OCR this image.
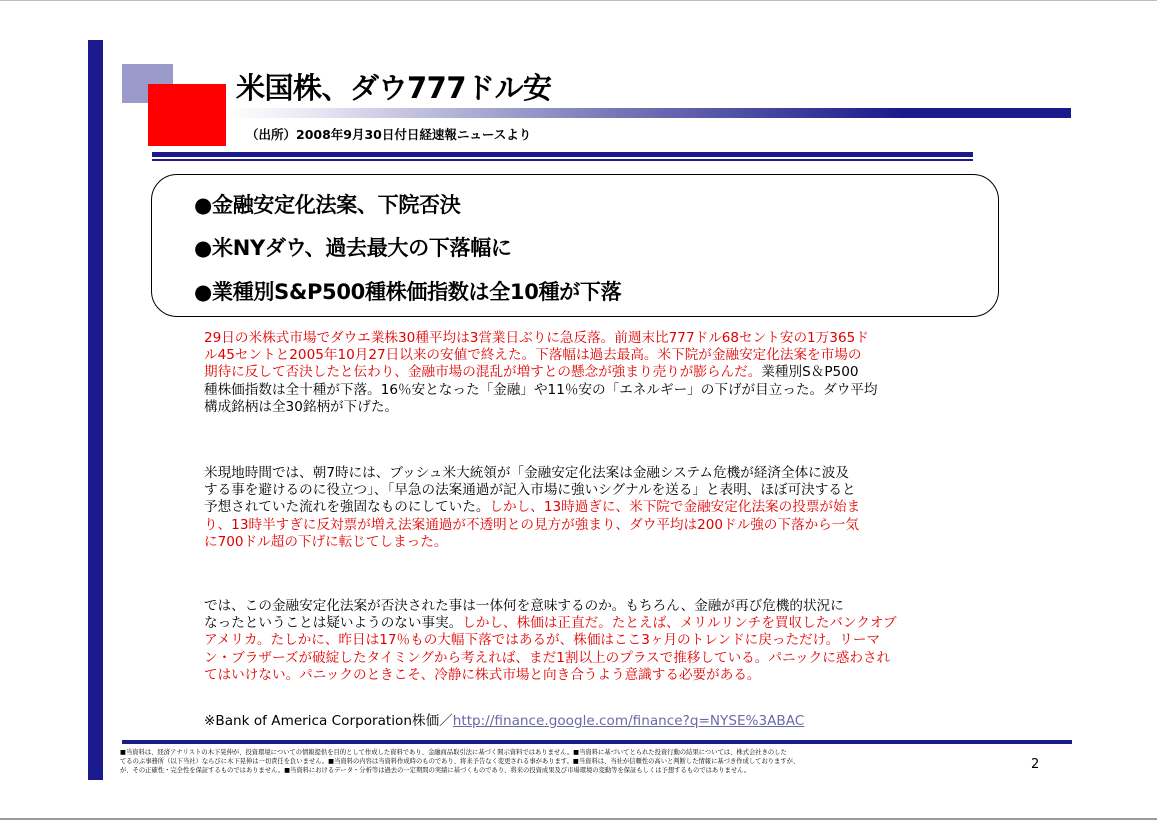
米国株、ダウ777ドル安
（出所）2008年9月30日付日経速報ニュースより
●金融安定化法案、下院否決
●米NYダウ、過去最大の下落幅に
●業種別S&P500種株価指数は全10種が下落
29日の米株式市場でダウエ業株30種平均は3営業日ぶりに急反落。前週末比777ドル68セント安の1万365ド
ル45セントと2005年10月27日以来の安値で終えた。下落幅は過去最高。米下院が金融安定化法案を市場の
期待に反して否決したと伝わり、金融市場の混乱が増すとの懸念が強まり売りが膨らんだ。業種別S＆P500
種株価指数は全十種が下落。16％安となった「金融」や11％安の「エネルギー」の下げが目立った。ダウ平均
構成銘柄は全30銘柄が下げた。
米現地時間では、朝7時には、ブッシュ米大統領が「金融安定化法案は金融システム危機が経済全体に波及
する事を避けるのに役立つ」、「早急の法案通過が記入市場に強いシグナルを送る」と表明、ほぼ可決すると
予想されていた流れを強固なものにしていた。しかし、13時過ぎに、米下院で金融安定化法案の投票が始ま
り、13時半すぎに反対票が増え法案通過が不透明との見方が強まり、ダウ平均は200ドル強の下落から一気
に700ドル超の下げに転じてしまった。
では、この金融安定化法案が否決された事は一体何を意味するのか。もちろん、金融が再び危機的状況に
なったということは疑いようのない事実。しかし、株価は正直だ。たとえば、メリルリンチを買収したバンクオブ
アメリカ。たしかに、昨日は17％もの大幅下落ではあるが、株価はここ3ヶ月のトレンドに戻っただけ。リーマ
ン・ブラザーズが破綻したタイミングから考えれば、まだ1割以上のプラスで推移している。パニックに惑わされ
てはいけない。パニックのときこそ、冷静に株式市場と向き合うよう意識する必要がある。
※Bank of America Corporation株価／http://finance.google.com/finance?q=NYSE%3ABAC
■当資料は、経済アナリストの木下晃伸が、投資環境についての情報提供を目的として作成した資料であり、金融商品取引法に基づく開示資料ではありません。■当資料に基づいてとられた投資行動の結果については、株式会社きのした
てるのぶ事務所（以下当社）ならびに木下晃伸は一切責任を負いません。■当資料の内容は当資料作成時のものであり、将来予告なく変更される事があります。■当資料は、当社が信頼性の高いと判断した情報に基づき作成しておりますが、
が、その正確性・完全性を保証するものではありません。■当資料におけるデータ・分析等は過去の一定期間の実績に基づくものであり、将来の投資成果及び市場環境の変動等を保証もしくは予想するものではありません。	2
